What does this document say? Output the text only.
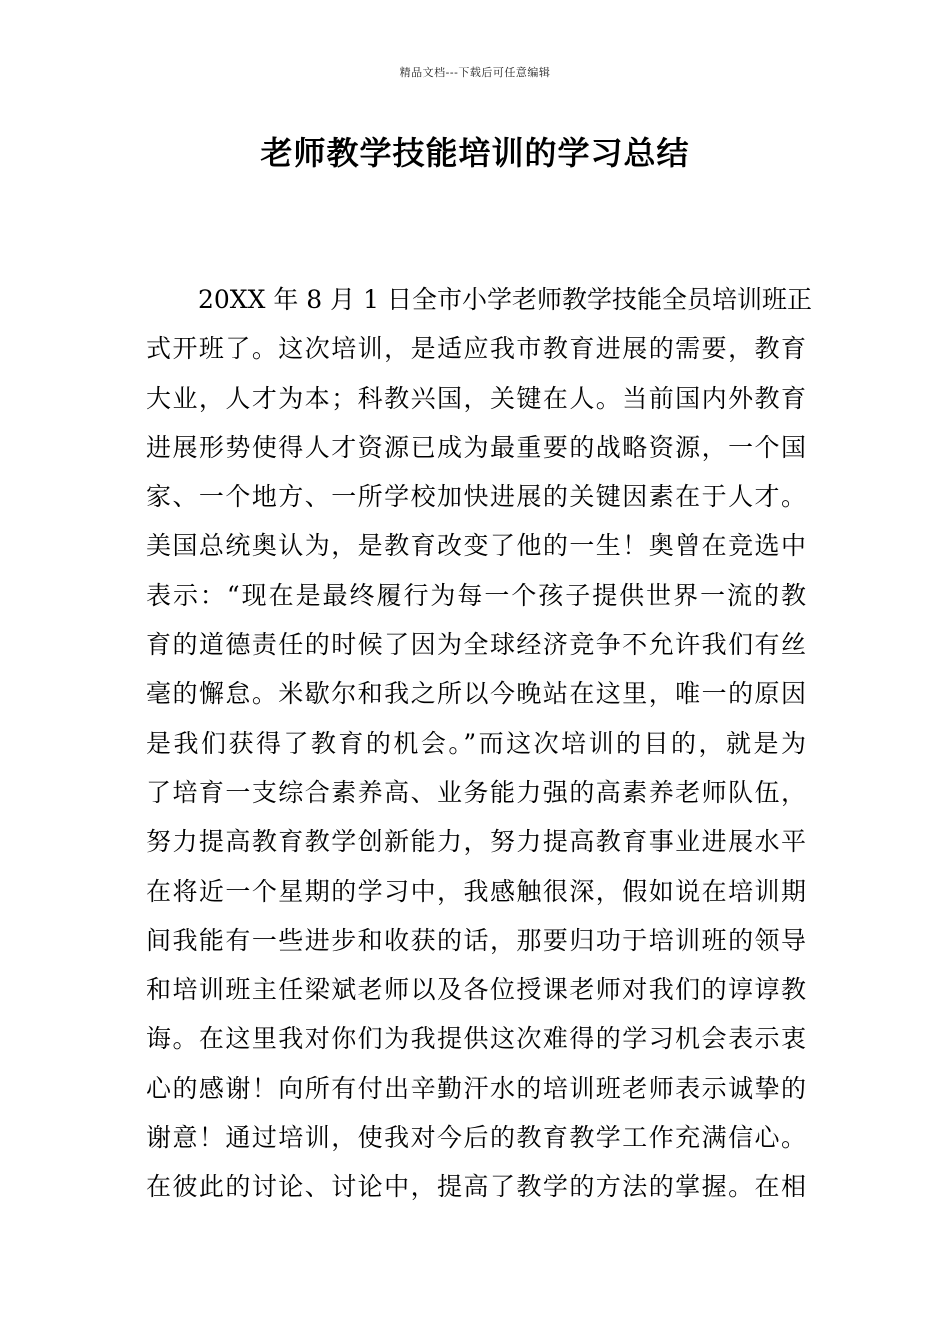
精品文档---下载后可任意编辑
老师教学技能培训的学习总结
20XX 年 8 月 1 日全市小学老师教学技能全员培训班正
式开班了。这次培训，是适应我市教育进展的需要，教育
大业，人才为本；科教兴国，关键在人。当前国内外教育
进展形势使得人才资源已成为最重要的战略资源，一个国
家、一个地方、一所学校加快进展的关键因素在于人才。
美国总统奥认为，是教育改变了他的一生！奥曾在竞选中
表示：“现在是最终履行为每一个孩子提供世界一流的教
育的道德责任的时候了因为全球经济竞争不允许我们有丝
毫的懈怠。米歇尔和我之所以今晚站在这里，唯一的原因
是我们获得了教育的机会。”而这次培训的目的，就是为
了培育一支综合素养高、业务能力强的高素养老师队伍，
努力提高教育教学创新能力，努力提高教育事业进展水平
在将近一个星期的学习中，我感触很深，假如说在培训期
间我能有一些进步和收获的话，那要归功于培训班的领导
和培训班主任梁斌老师以及各位授课老师对我们的谆谆教
诲。在这里我对你们为我提供这次难得的学习机会表示衷
心的感谢！向所有付出辛勤汗水的培训班老师表示诚挚的
谢意！通过培训，使我对今后的教育教学工作充满信心。
在彼此的讨论、讨论中，提高了教学的方法的掌握。在相
